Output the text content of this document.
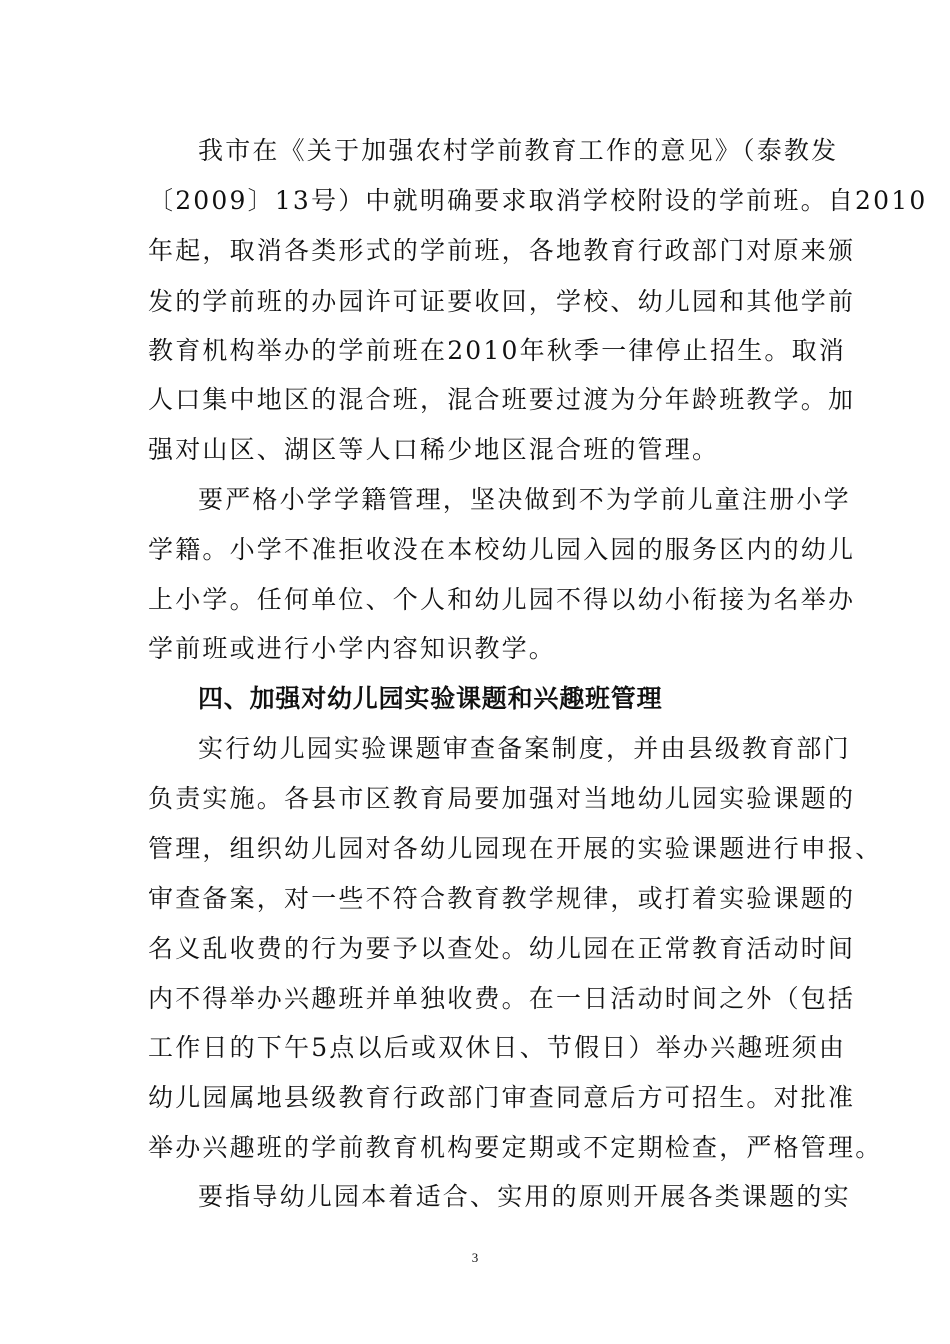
我市在《关于加强农村学前教育工作的意见》（泰教发
〔2009〕13号）中就明确要求取消学校附设的学前班。自2010
年起，取消各类形式的学前班，各地教育行政部门对原来颁
发的学前班的办园许可证要收回，学校、幼儿园和其他学前
教育机构举办的学前班在2010年秋季一律停止招生。取消
人口集中地区的混合班，混合班要过渡为分年龄班教学。加
强对山区、湖区等人口稀少地区混合班的管理。
要严格小学学籍管理，坚决做到不为学前儿童注册小学
学籍。小学不准拒收没在本校幼儿园入园的服务区内的幼儿
上小学。任何单位、个人和幼儿园不得以幼小衔接为名举办
学前班或进行小学内容知识教学。
四、加强对幼儿园实验课题和兴趣班管理
实行幼儿园实验课题审查备案制度，并由县级教育部门
负责实施。各县市区教育局要加强对当地幼儿园实验课题的
管理，组织幼儿园对各幼儿园现在开展的实验课题进行申报、
审查备案，对一些不符合教育教学规律，或打着实验课题的
名义乱收费的行为要予以查处。幼儿园在正常教育活动时间
内不得举办兴趣班并单独收费。在一日活动时间之外（包括
工作日的下午5点以后或双休日、节假日）举办兴趣班须由
幼儿园属地县级教育行政部门审查同意后方可招生。对批准
举办兴趣班的学前教育机构要定期或不定期检查，严格管理。
要指导幼儿园本着适合、实用的原则开展各类课题的实
3
